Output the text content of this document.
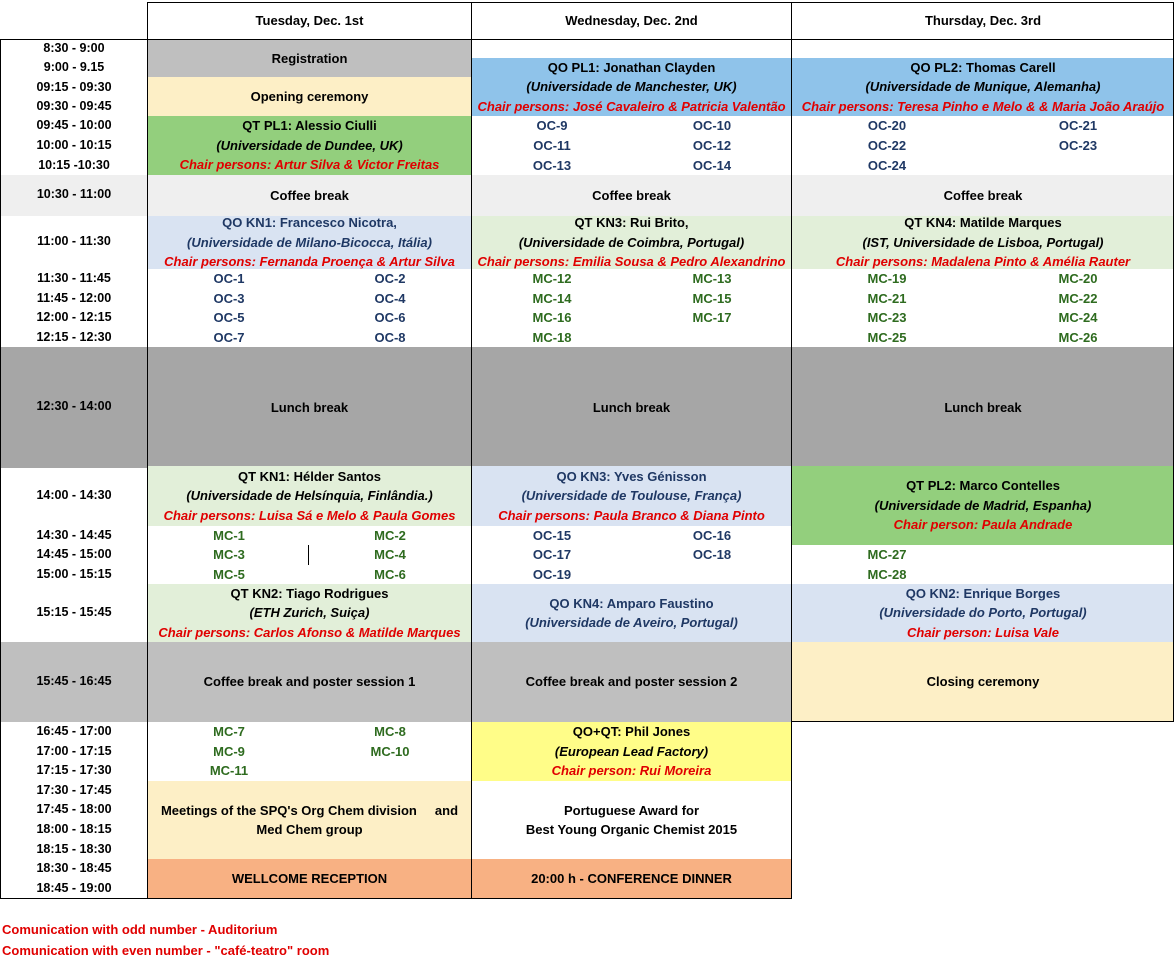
Tuesday, Dec. 1st	Wednesday, Dec. 2nd	Thursday, Dec. 3rd
8:30 - 9:00
9:00 - 9.15
09:15 - 09:30
09:30 - 09:45
09:45 - 10:00
10:00 - 10:15
10:15 -10:30
10:30 - 11:00
11:00 - 11:30
11:30 - 11:45
11:45 - 12:00
12:00 - 12:15
12:15 - 12:30
12:30 - 14:00
14:00 - 14:30
14:30 - 14:45
14:45 - 15:00
15:00 - 15:15
15:15 - 15:45
15:45 - 16:45
16:45 - 17:00
17:00 - 17:15
17:15 - 17:30
17:30 - 17:45
17:45 - 18:00
18:00 - 18:15
18:15 - 18:30
18:30 - 18:45
18:45 - 19:00
Registration
Opening ceremony
QT PL1: Alessio Ciulli
(Universidade de Dundee, UK)
Chair persons: Artur Silva & Victor Freitas
Coffee break
QO KN1: Francesco Nicotra,
(Universidade de Milano-Bicocca, Itália)
Chair persons: Fernanda Proença & Artur Silva
OC-1
OC-3
OC-5
OC-7
OC-2
OC-4
OC-6
OC-8
Lunch break
QT KN1: Hélder Santos
(Universidade de Helsínquia, Finlândia.)
Chair persons: Luisa Sá e Melo & Paula Gomes
MC-1
MC-3
MC-5
MC-2
MC-4
MC-6
QT KN2: Tiago Rodrigues
(ETH Zurich, Suiça)
Chair persons: Carlos Afonso & Matilde Marques
Coffee break and poster session 1
MC-7
MC-9
MC-11
MC-8
MC-10
Meetings of the SPQ's Org Chem division     and Med Chem group
WELLCOME RECEPTION
QO PL1: Jonathan Clayden
(Universidade de Manchester, UK)
Chair persons: José Cavaleiro & Patricia Valentão
OC-9
OC-11
OC-13
OC-10
OC-12
OC-14
Coffee break
QT KN3: Rui Brito,
(Universidade de Coimbra, Portugal)
Chair persons: Emilia Sousa & Pedro Alexandrino
MC-12
MC-14
MC-16
MC-18
MC-13
MC-15
MC-17
Lunch break
QO KN3: Yves Génisson
(Universidade de Toulouse, França)
Chair persons: Paula Branco & Diana Pinto
OC-15
OC-17
OC-19
OC-16
OC-18
QO KN4: Amparo Faustino
(Universidade de Aveiro, Portugal)
Coffee break and poster session 2
QO+QT: Phil Jones
(European Lead Factory)
Chair person: Rui Moreira
Portuguese Award for
Best Young Organic Chemist 2015
20:00 h - CONFERENCE DINNER
QO PL2: Thomas Carell
(Universidade de Munique, Alemanha)
Chair persons: Teresa Pinho e Melo & & Maria João Araújo
OC-20
OC-22
OC-24
OC-21
OC-23
Coffee break
QT KN4: Matilde Marques
(IST, Universidade de Lisboa, Portugal)
Chair persons: Madalena Pinto & Amélia Rauter
MC-19
MC-21
MC-23
MC-25
MC-20
MC-22
MC-24
MC-26
Lunch break
QT PL2: Marco Contelles
(Universidade de Madrid, Espanha)
Chair person: Paula Andrade
MC-27
MC-28
QO KN2: Enrique Borges
(Universidade do Porto, Portugal)
Chair person: Luisa Vale
Closing ceremony
Comunication with odd number - Auditorium
Comunication with even number - "café-teatro" room
